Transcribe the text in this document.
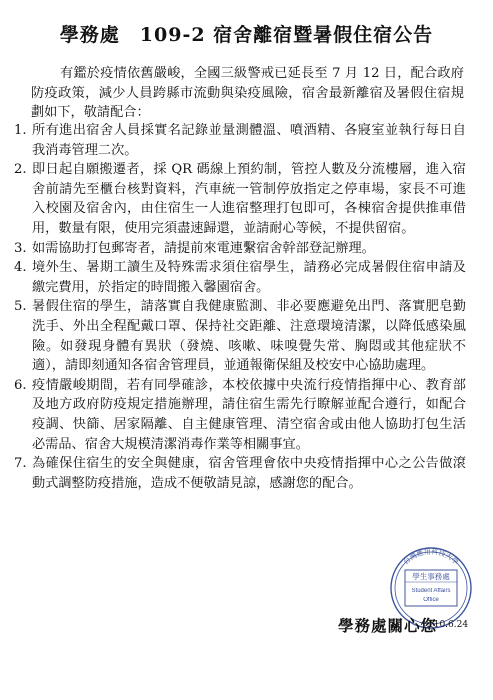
學務處　109-2 宿舍離宿暨暑假住宿公告
有鑑於疫情依舊嚴峻，全國三級警戒已延長至 7 月 12 日，配合政府防疫政策，減少人員跨縣市流動與染疫風險，宿舍最新離宿及暑假住宿規劃如下，敬請配合：
1. 所有進出宿舍人員採實名記錄並量測體溫、噴酒精、各寢室並執行每日自我消毒管理二次。
2. 即日起自願搬遷者，採 QR 碼線上預約制，管控人數及分流樓層，進入宿舍前請先至櫃台核對資料，汽車統一管制停放指定之停車場，家長不可進入校園及宿舍內，由住宿生一人進宿整理打包即可，各棟宿舍提供推車借用，數量有限，使用完須盡速歸還，並請耐心等候，不提供留宿。
3. 如需協助打包郵寄者，請提前來電連繫宿舍幹部登記辦理。
4. 境外生、暑期工讀生及特殊需求須住宿學生，請務必完成暑假住宿申請及繳完費用，於指定的時間搬入馨園宿舍。
5. 暑假住宿的學生，請落實自我健康監測、非必要應避免出門、落實肥皂勤洗手、外出全程配戴口罩、保持社交距離、注意環境清潔，以降低感染風險。如發現身體有異狀（發燒、咳嗽、味嗅覺失常、胸悶或其他症狀不適），請即刻通知各宿舍管理員，並通報衛保組及校安中心協助處理。
6. 疫情嚴峻期間，若有同學確診，本校依據中央流行疫情指揮中心、教育部及地方政府防疫規定措施辦理，請住宿生需先行瞭解並配合遵行，如配合疫調、快篩、居家隔離、自主健康管理、清空宿舍或由他人協助打包生活必需品、宿舍大規模清潔消毒作業等相關事宜。
7. 為確保住宿生的安全與健康，宿舍管理會依中央疫情指揮中心之公告做滾動式調整防疫措施，造成不便敬請見諒，感謝您的配合。
台灣應用科技大學
學生事務處
Student Affairs
Office
學務處關心您
110.6.24
